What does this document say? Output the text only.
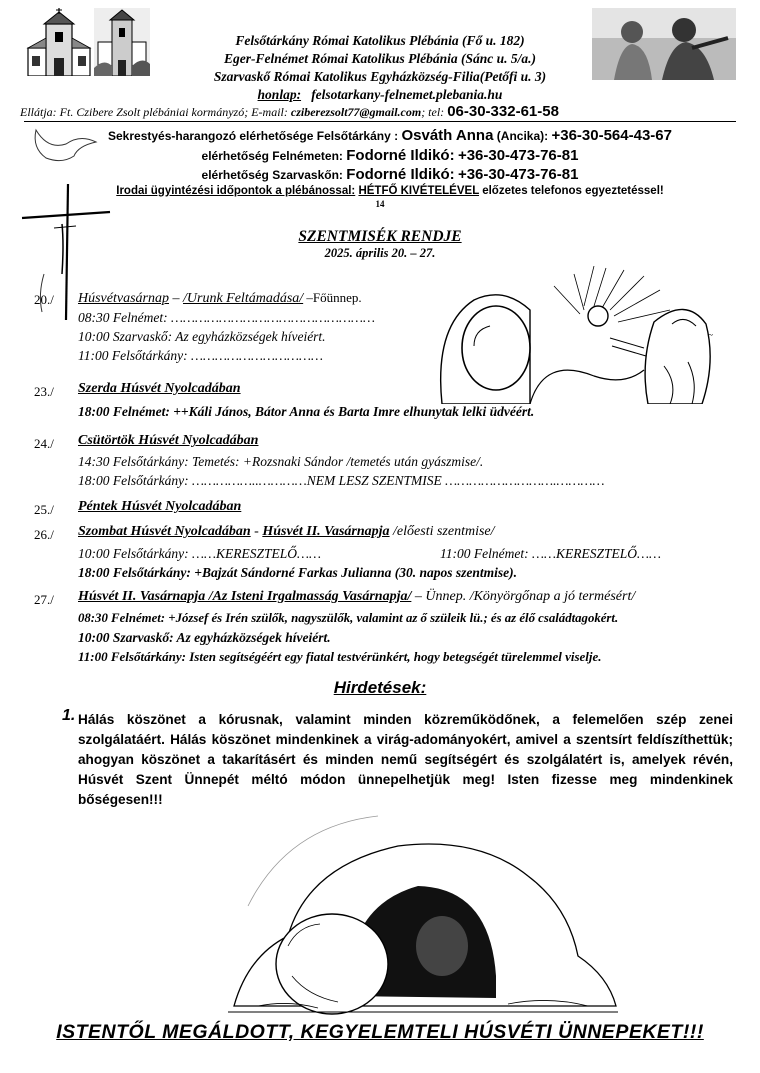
Felsőtárkány Római Katolikus Plébánia (Fő u. 182)
Eger-Felnémet Római Katolikus Plébánia (Sánc u. 5/a.)
Szarvaskő Római Katolikus Egyházközség-Filia(Petőfi u. 3)
honlap: felsotarkany-felnemet.plebania.hu
Ellátja: Ft. Czibere Zsolt plébániai kormányzó; E-mail: cziberezsolt77@gmail.com; tel: 06-30-332-61-58
Sekrestyés-harangozó elérhetősége Felsőtárkány : Osváth Anna (Ancika): +36-30-564-43-67
elérhetőség Felnémeten: Fodorné Ildikó: +36-30-473-76-81
elérhetőség Szarvaskőn: Fodorné Ildikó: +36-30-473-76-81
Irodai ügyintézési időpontok a plébánossal: HÉTFŐ KIVÉTELÉVEL előzetes telefonos egyeztetéssel!
14
SZENTMISÉK RENDJE
2025. április 20. – 27.
~
20./ Húsvétvasárnap – /Urunk Feltámadása/ –Főünnep.
08:30 Felnémet: ……………………………………………
10:00 Szarvaskő: Az egyházközségek híveiért.
11:00 Felsőtárkány: ……………………………
23./ Szerda Húsvét Nyolcadában
18:00 Felnémet: ++Káli János, Bátor Anna és Barta Imre elhunytak lelki üdvéért.
24./ Csütörtök Húsvét Nyolcadában
14:30 Felsőtárkány: Temetés: +Rozsnaki Sándor /temetés után gyászmise/.
18:00 Felsőtárkány: ……………..…………NEM LESZ SZENTMISE ……………………….…………
25./ Péntek Húsvét Nyolcadában
26./ Szombat Húsvét Nyolcadában - Húsvét II. Vasárnapja /előesti szentmise/
10:00 Felsőtárkány: ……KERESZTELŐ……	11:00 Felnémet: ……KERESZTELŐ……
18:00 Felsőtárkány: +Bajzát Sándorné Farkas Julianna (30. napos szentmise).
27./ Húsvét II. Vasárnapja /Az Isteni Irgalmasság Vasárnapja/ – Ünnep. /Könyörgőnap a jó termésért/
08:30 Felnémet: +József és Irén szülők, nagyszülők, valamint az ő szüleik lü.; és az élő családtagokért.
10:00 Szarvaskő: Az egyházközségek híveiért.
11:00 Felsőtárkány: Isten segítségéért egy fiatal testvérünkért, hogy betegségét türelemmel viselje.
Hirdetések:
1. Hálás köszönet a kórusnak, valamint minden közreműködőnek, a felemelően szép zenei szolgálatáért. Hálás köszönet mindenkinek a virág-adományokért, amivel a szentsírt feldíszíthettük; ahogyan köszönet a takarításért és minden nemű segítségért és szolgálatért is, amelyek révén, Húsvét Szent Ünnepét méltó módon ünnepelhetjük meg! Isten fizesse meg mindenkinek bőségesen!!!
ISTENTŐL MEGÁLDOTT, KEGYELEMTELI HÚSVÉTI ÜNNEPEKET!!!
